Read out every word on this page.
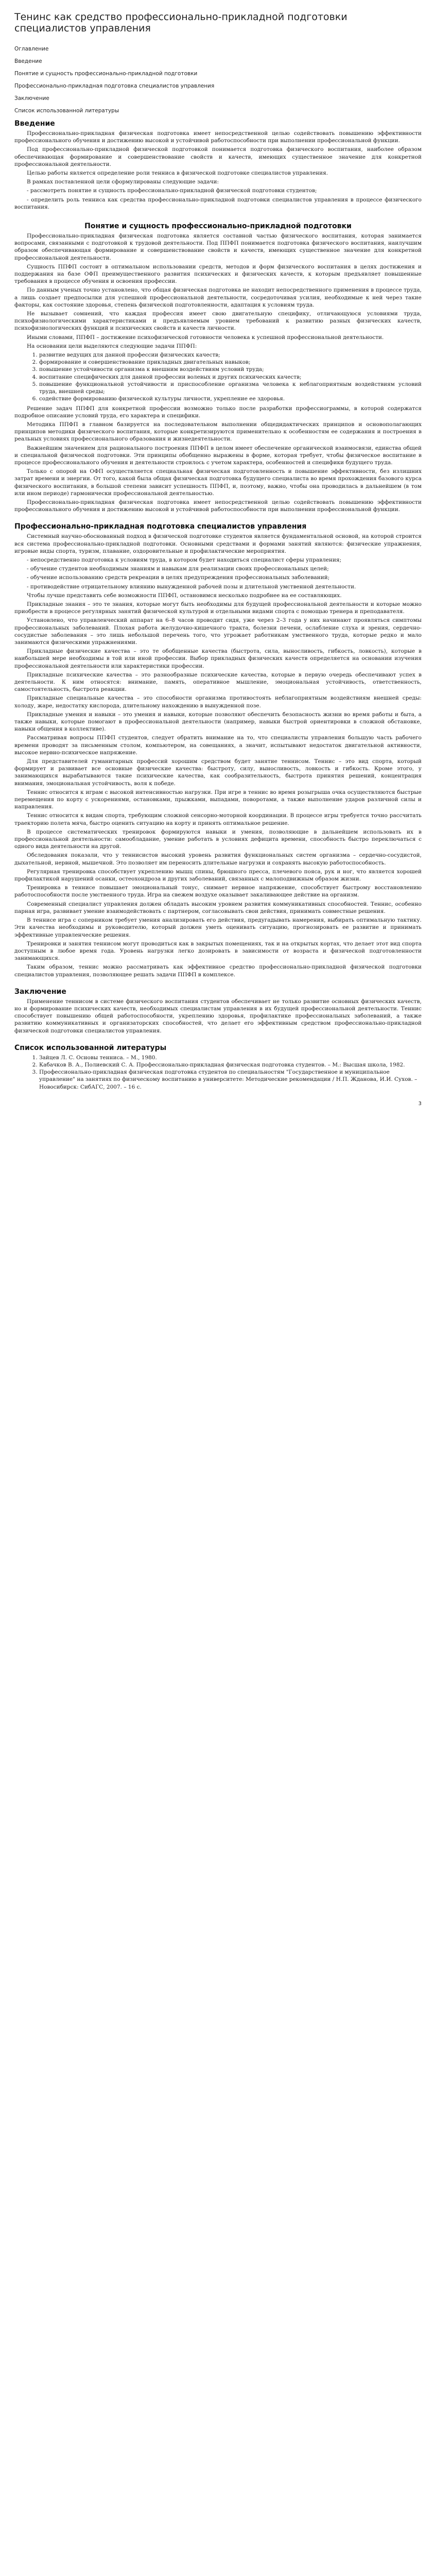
Тенинс как средство профессионально-прикладной подготовки специалистов управления
Оглавление
Введение
Понятие и сущность профессионально-прикладной подготовки
Профессионально-прикладная подготовка специалистов управления
Заключение
Список использованной литературы
Введение

Профессионально-прикладная физическая подготовка имеет непосредственной целью содействовать повышению эффективности профессионального обучения и достижению высокой и устойчивой работоспособности при выполнении профессиональной функции.

Под профессионально-прикладной физической подготовкой понимается подготовка физического воспитания, наиболее образом обеспечивающая формирование и совершенствование свойств и качеств, имеющих существенное значение для конкретной профессиональной деятельности.

Целью работы является определение роли тенниса в физической подготовке специалистов управления.

В рамках поставленной цели сформулированы следующие задачи:

- рассмотреть понятие и сущность профессионально-прикладной физической подготовки студентов;

- определить роль тенниса как средства профессионально-прикладной подготовки специалистов управления в процессе физического воспитания.

Понятие и сущность профессионально-прикладной подготовки

Профессионально-прикладная физическая подготовка является составной частью физического воспитания, которая занимается вопросами, связанными с подготовкой к трудовой деятельности. Под ППФП понимается подготовка физического воспитания, наилучшим образом обеспечивающая формирование и совершенствование свойств и качеств, имеющих существенное значение для конкретной профессиональной деятельности.

Сущность ППФП состоит в оптимальном использовании средств, методов и форм физического воспитания в целях достижения и поддержания на базе ОФП преимущественного развития психических и физических качеств, к которым предъявляет повышенные требования в процессе обучения и освоения профессии.

По данным ученых точно установлено, что общая физическая подготовка не находит непосредственного применения в процессе труда, а лишь создает предпосылки для успешной профессиональной деятельности, сосредоточивая усилия, необходимые к ней через такие факторы, как состояние здоровья, степень физической подготовленности, адаптация к условиям труда.

Не вызывает сомнений, что каждая профессия имеет свою двигательную специфику, отличающуюся условиями труда, психофизиологическими характеристиками и предъявляемым уровнем требований к развитию разных физических качеств, психофизиологических функций и психических свойств и качеств личности.

Иными словами, ППФП – достижение психофизической готовности человека к успешной профессиональной деятельности.

На основании цели выделяются следующие задачи ППФП:

1. развитие ведущих для данной профессии физических качеств;
2. формирование и совершенствование прикладных двигательных навыков;
3. повышение устойчивости организма к внешним воздействиям условий труда;
4. воспитание специфических для данной профессии волевых и других психических качеств;
5. повышение функциональной устойчивости и приспособление организма человека к неблагоприятным воздействиям условий труда, внешней среды;
6. содействие формированию физической культуры личности, укрепление ее здоровья.

Решение задач ППФП для конкретной профессии возможно только после разработки профессиограммы, в которой содержатся подробное описание условий труда, его характера и специфики.

Методика ППФП в главном базируется на последовательном выполнении общедидактических принципов и основополагающих принципов методики физического воспитания, которые конкретизируются применительно к особенностям ее содержания и построения в реальных условиях профессионального образования и жизнедеятельности.

Важнейшим значением для рационального построения ППФП в целом имеет обеспечение органической взаимосвязи, единства общей и специальной физической подготовки. Эти принципы обобщенно выражены в форме, которая требует, чтобы физическое воспитание в процессе профессионального обучения и деятельности строилось с учетом характера, особенностей и специфики будущего труда.

Только с опорой на ОФП осуществляется специальная физическая подготовленность и повышение эффективности, без излишних затрат времени и энергии. От того, какой была общая физическая подготовка будущего специалиста во время прохождения базового курса физического воспитания, в большой степени зависит успешность ППФП, и, поэтому, важно, чтобы она проводилась в дальнейшем (в том или ином периоде) гармонически профессиональной деятельностью.

Профессионально-прикладная физическая подготовка имеет непосредственной целью содействовать повышению эффективности профессионального обучения и достижению высокой и устойчивой работоспособности при выполнении профессиональной функции.

Профессионально-прикладная подготовка специалистов управления

Системный научно-обоснованный подход в физической подготовке студентов является фундаментальной основой, на которой строится вся система профессионально-прикладной подготовки. Основными средствами и формами занятий являются: физические упражнения, игровые виды спорта, туризм, плавание, оздоровительные и профилактические мероприятия.

- непосредственно подготовка к условиям труда, в котором будет находиться специалист сферы управления;

- обучение студентов необходимым знаниям и навыкам для реализации своих профессиональных целей;

- обучение использованию средств рекреации в целях предупреждения профессиональных заболеваний;

- противодействие отрицательному влиянию вынужденной рабочей позы и длительной умственной деятельности.

Чтобы лучше представить себе возможности ППФП, остановимся несколько подробнее на ее составляющих.

Прикладные знания – это те знания, которые могут быть необходимы для будущей профессиональной деятельности и которые можно приобрести в процессе регулярных занятий физической культурой и отдельными видами спорта с помощью тренера и преподавателя.

Установлено, что управленческий аппарат на 6–8 часов проводит сидя, уже через 2–3 года у них начинают проявляться симптомы профессиональных заболеваний. Плохая работа желудочно-кишечного тракта, болезни печени, ослабление слуха и зрения, сердечно-сосудистые заболевания – это лишь небольшой перечень того, что угрожает работникам умственного труда, которые редко и мало занимаются физическими упражнениями.

Прикладные физические качества – это те обобщенные качества (быстрота, сила, выносливость, гибкость, ловкость), которые в наибольшей мере необходимы в той или иной профессии. Выбор прикладных физических качеств определяется на основании изучения профессиональной деятельности или характеристики профессии.

Прикладные психические качества – это разнообразные психические качества, которые в первую очередь обеспечивают успех в деятельности. К ним относятся: внимание, память, оперативное мышление, эмоциональная устойчивость, ответственность, самостоятельность, быстрота реакции.

Прикладные специальные качества – это способности организма противостоять неблагоприятным воздействиям внешней среды: холоду, жаре, недостатку кислорода, длительному нахождению в вынужденной позе.

Прикладные умения и навыки – это умения и навыки, которые позволяют обеспечить безопасность жизни во время работы и быта, а также навыки, которые помогают в профессиональной деятельности (например, навыки быстрой ориентировки в сложной обстановке, навыки общения в коллективе).

Рассматривая вопросы ППФП студентов, следует обратить внимание на то, что специалисты управления большую часть рабочего времени проводят за письменным столом, компьютером, на совещаниях, а значит, испытывают недостаток двигательной активности, высокое нервно-психическое напряжение.

Для представителей гуманитарных профессий хорошим средством будет занятие теннисом. Теннис – это вид спорта, который формирует и развивает все основные физические качества: быстроту, силу, выносливость, ловкость и гибкость. Кроме этого, у занимающихся вырабатываются такие психические качества, как сообразительность, быстрота принятия решений, концентрация внимания, эмоциональная устойчивость, воля к победе.

Теннис относится к играм с высокой интенсивностью нагрузки. При игре в теннис во время розыгрыша очка осуществляются быстрые перемещения по корту с ускорениями, остановками, прыжками, выпадами, поворотами, а также выполнение ударов различной силы и направления.

Теннис относится к видам спорта, требующим сложной сенсорно-моторной координации. В процессе игры требуется точно рассчитать траекторию полета мяча, быстро оценить ситуацию на корту и принять оптимальное решение.

В процессе систематических тренировок формируются навыки и умения, позволяющие в дальнейшем использовать их в профессиональной деятельности: самообладание, умение работать в условиях дефицита времени, способность быстро переключаться с одного вида деятельности на другой.

Обследования показали, что у теннисистов высокий уровень развития функциональных систем организма – сердечно-сосудистой, дыхательной, нервной, мышечной. Это позволяет им переносить длительные нагрузки и сохранять высокую работоспособность.

Регулярная тренировка способствует укреплению мышц спины, брюшного пресса, плечевого пояса, рук и ног, что является хорошей профилактикой нарушений осанки, остеохондроза и других заболеваний, связанных с малоподвижным образом жизни.

Тренировка в теннисе повышает эмоциональный тонус, снимает нервное напряжение, способствует быстрому восстановлению работоспособности после умственного труда. Игра на свежем воздухе оказывает закаливающее действие на организм.

Современный специалист управления должен обладать высоким уровнем развития коммуникативных способностей. Теннис, особенно парная игра, развивает умение взаимодействовать с партнером, согласовывать свои действия, принимать совместные решения.

В теннисе игра с соперником требует умения анализировать его действия, предугадывать намерения, выбирать оптимальную тактику. Эти качества необходимы и руководителю, который должен уметь оценивать ситуацию, прогнозировать ее развитие и принимать эффективные управленческие решения.

Тренировки и занятия теннисом могут проводиться как в закрытых помещениях, так и на открытых кортах, что делает этот вид спорта доступным в любое время года. Уровень нагрузки легко дозировать в зависимости от возраста и физической подготовленности занимающихся.

Таким образом, теннис можно рассматривать как эффективное средство профессионально-прикладной физической подготовки специалистов управления, позволяющее решать задачи ППФП в комплексе.

Заключение

Применение теннисом в системе физического воспитания студентов обеспечивает не только развитие основных физических качеств, но и формирование психических качеств, необходимых специалистам управления в их будущей профессиональной деятельности. Теннис способствует повышению общей работоспособности, укреплению здоровья, профилактике профессиональных заболеваний, а также развитию коммуникативных и организаторских способностей, что делает его эффективным средством профессионально-прикладной физической подготовки специалистов управления.

Список использованной литературы
1. Зайцев Л. С. Основы тенниса. – М., 1980.
2. Кабачков В. А., Полиевский С. А. Профессионально-прикладная физическая подготовка студентов. – М.: Высшая школа, 1982.
3. Профессионально-прикладная физическая подготовка студентов по специальностям "Государственное и муниципальное управление" на занятиях по физическому воспитанию в университете: Методические рекомендации / Н.П. Жданова, И.И. Сухов. – Новосибирск: СибАГС, 2007. – 16 с.
3
